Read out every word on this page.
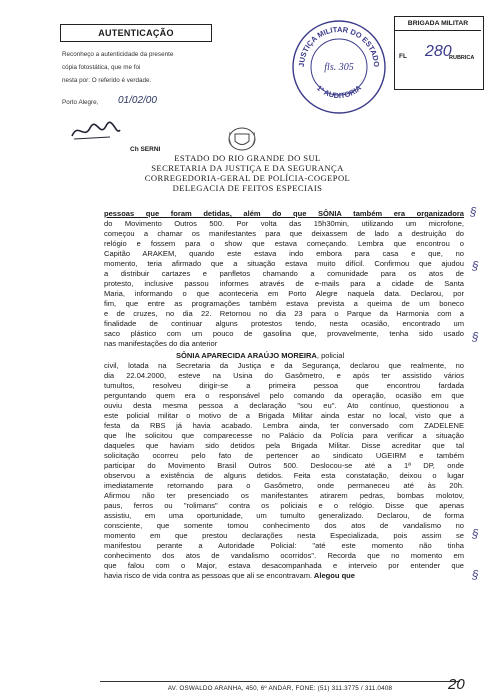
AUTENTICAÇÃO
Reconheço a autenticidade da presente
cópia fotostática, que me foi
nesta por: O referido é verdade.
Porto Alegre,	01/02/00
Ch SERNI
JUSTIÇA MILITAR DO ESTADO
1ª AUDITORIA
fls. 305
BRIGADA MILITAR
FL 280
RUBRICA
ESTADO DO RIO GRANDE DO SUL
SECRETARIA DA JUSTIÇA E DA SEGURANÇA
CORREGEDORIA-GERAL DE POLÍCIA-COGEPOL
DELEGACIA DE FEITOS ESPECIAIS
pessoas que foram detidas, além do que SÔNIA também era organizadora
do Movimento Outros 500. Por volta das 15h30min, utilizando um microfone,
começou a chamar os manifestantes para que deixassem de lado a destruição do
relógio e fossem para o show que estava começando. Lembra que encontrou o
Capitão ARAKEM, quando este estava indo embora para casa e que, no
momento, teria afirmado que a situação estava muito difícil. Confirmou que ajudou
a distribuir cartazes e panfletos chamando a comunidade para os atos de
protesto, inclusive passou informes através de e-mails para a cidade de Santa
Maria, informando o que aconteceria em Porto Alegre naquela data. Declarou, por
fim, que entre as programações também estava prevista a queima de um boneco
e de cruzes, no dia 22. Retornou no dia 23 para o Parque da Harmonia com a
finalidade de continuar alguns protestos tendo, nesta ocasião, encontrado um
saco plástico com um pouco de gasolina que, provavelmente, tenha sido usado
nas manifestações do dia anterior
SÔNIA APARECIDA ARAÚJO MOREIRA, policial
civil, lotada na Secretaria da Justiça e da Segurança, declarou que realmente, no
dia 22.04.2000, esteve na Usina do Gasômetro, e após ter assistido vários
tumultos, resolveu dirigir-se a primeira pessoa que encontrou fardada
perguntando quem era o responsável pelo comando da operação, ocasião em que
ouviu desta mesma pessoa a declaração "sou eu". Ato contínuo, questionou a
este policial militar o motivo de a Brigada Militar ainda estar no local, visto que a
festa da RBS já havia acabado. Lembra ainda, ter conversado com ZADELENE
que lhe solicitou que comparecesse no Palácio da Polícia para verificar a situação
daqueles que haviam sido detidos pela Brigada Militar. Disse acreditar que tal
solicitação ocorreu pelo fato de pertencer ao sindicato UGEIRM e também
participar do Movimento Brasil Outros 500. Deslocou-se até a 1ª DP, onde
observou a existência de alguns detidos. Feita esta constatação, deixou o lugar
imediatamente retornando para o Gasômetro, onde permaneceu até às 20h.
Afirmou não ter presenciado os manifestantes atirarem pedras, bombas molotov,
paus, ferros ou "rolimans" contra os policiais e o relógio. Disse que apenas
assistiu, em uma oportunidade, um tumulto generalizado. Declarou, de forma
consciente, que somente tomou conhecimento dos atos de vandalismo no
momento em que prestou declarações nesta Especializada, pois assim se
manifestou perante a Autoridade Policial: "até este momento não tinha
conhecimento dos atos de vandalismo ocorridos". Recorda que no momento em
que falou com o Major, estava desacompanhada e interveio por entender que
havia risco de vida contra as pessoas que ali se encontravam. Alegou que
§
§
§
§
§
AV. OSWALDO ARANHA, 450, 6º ANDAR, FONE: (51) 311.3775 / 311.0408	20
